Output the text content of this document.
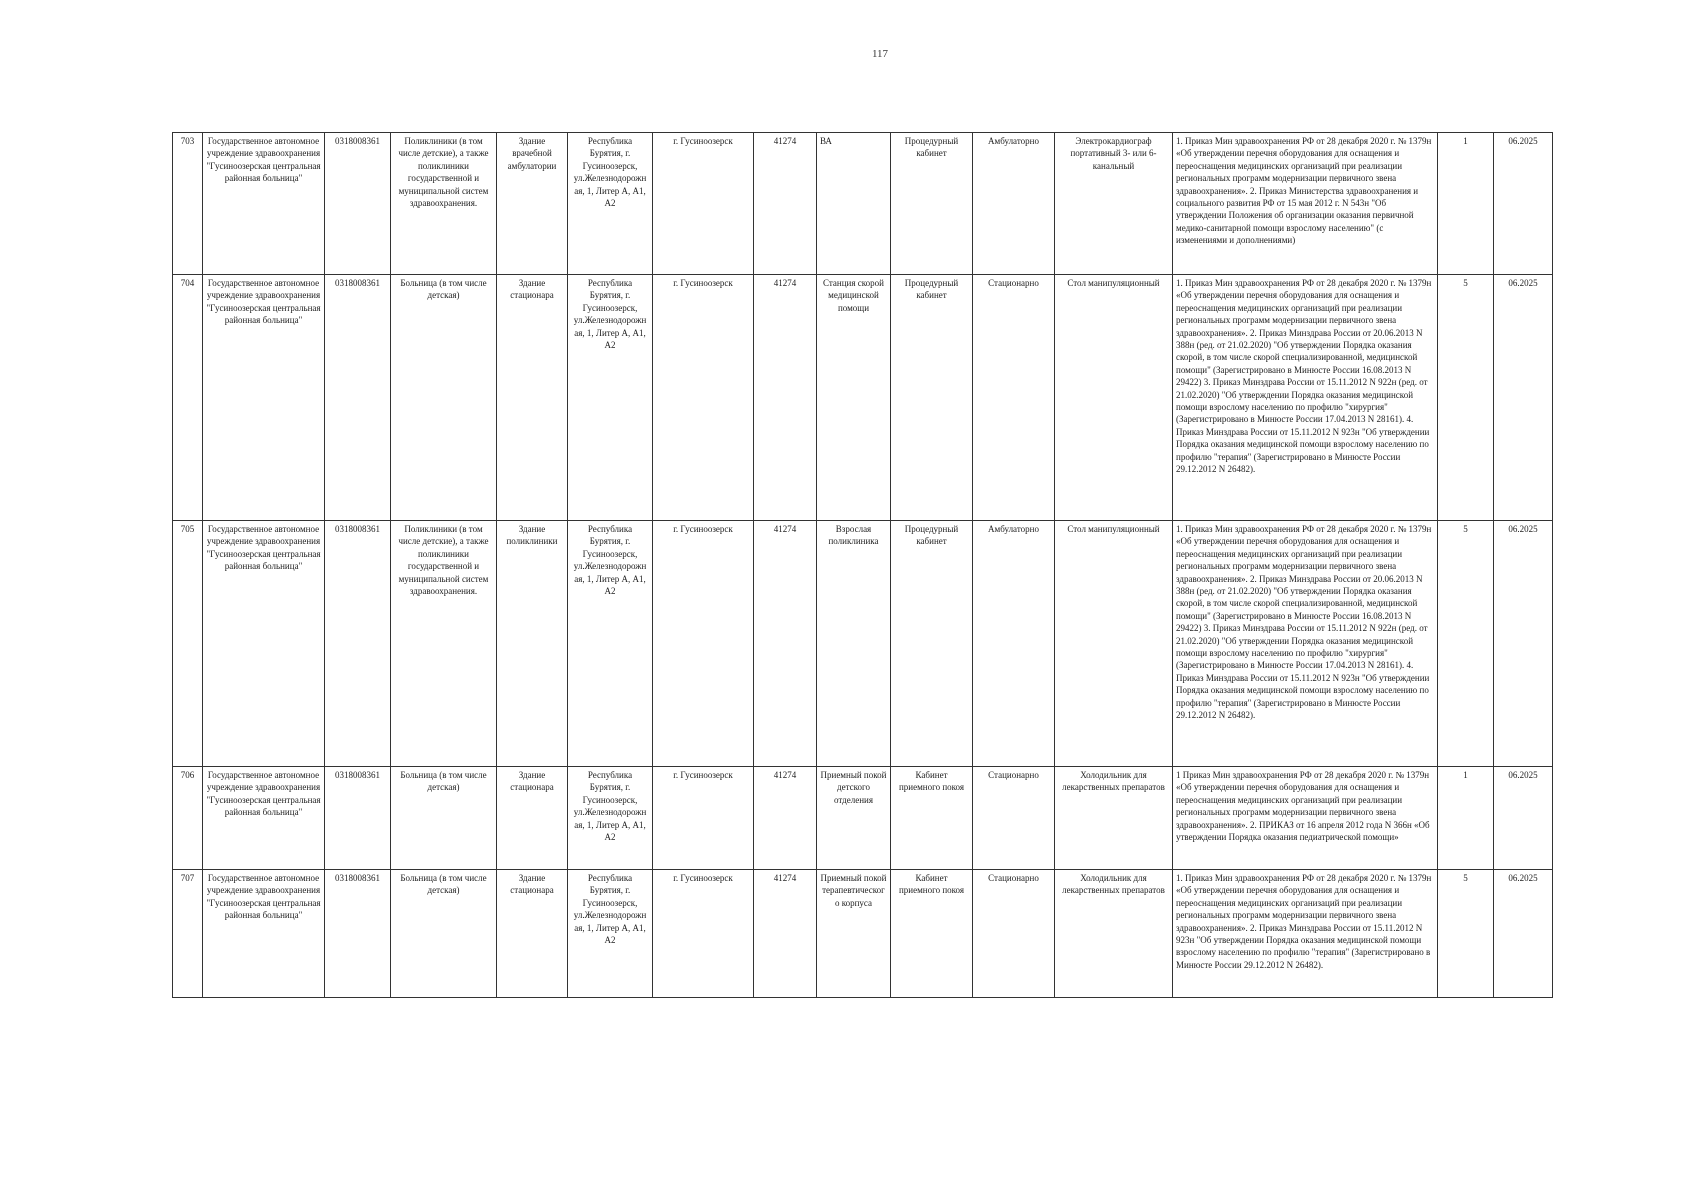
117
703	Государственное автономное учреждение здравоохранения "Гусиноозерская центральная районная больница"	0318008361	Поликлиники (в том числе детские), а также поликлиники государственной и муниципальной систем здравоохранения.	Здание врачебной амбулатории	Республика Бурятия, г. Гусиноозерск, ул.Железнодорожн ая, 1, Литер А, А1, А2	г. Гусиноозерск	41274	ВА	Процедурный кабинет	Амбулаторно	Электрокардиограф портативный 3- или 6-канальный	1. Приказ Мин здравоохранения РФ от 28 декабря 2020 г. № 1379н «Об утверждении перечня оборудования для оснащения и переоснащения медицинских организаций при реализации региональных программ модернизации первичного звена здравоохранения». 2. Приказ Министерства здравоохранения и социального развития РФ от 15 мая 2012 г. N 543н "Об утверждении Положения об организации оказания первичной медико-санитарной помощи взрослому населению" (с изменениями и дополнениями)	1	06.2025
704	Государственное автономное учреждение здравоохранения "Гусиноозерская центральная районная больница"	0318008361	Больница (в том числе детская)	Здание стационара	Республика Бурятия, г. Гусиноозерск, ул.Железнодорожн ая, 1, Литер А, А1, А2	г. Гусиноозерск	41274	Станция скорой медицинской помощи	Процедурный кабинет	Стационарно	Стол манипуляционный	1. Приказ Мин здравоохранения РФ от 28 декабря 2020 г. № 1379н «Об утверждении перечня оборудования для оснащения и переоснащения медицинских организаций при реализации региональных программ модернизации первичного звена здравоохранения». 2. Приказ Минздрава России от 20.06.2013 N 388н (ред. от 21.02.2020) "Об утверждении Порядка оказания скорой, в том числе скорой специализированной, медицинской помощи" (Зарегистрировано в Минюсте России 16.08.2013 N 29422) 3. Приказ Минздрава России от 15.11.2012 N 922н (ред. от 21.02.2020) "Об утверждении Порядка оказания медицинской помощи взрослому населению по профилю "хирургия" (Зарегистрировано в Минюсте России 17.04.2013 N 28161). 4. Приказ Минздрава России от 15.11.2012 N 923н "Об утверждении Порядка оказания медицинской помощи взрослому населению по профилю "терапия" (Зарегистрировано в Минюсте России 29.12.2012 N 26482).	5	06.2025
705	Государственное автономное учреждение здравоохранения "Гусиноозерская центральная районная больница"	0318008361	Поликлиники (в том числе детские), а также поликлиники государственной и муниципальной систем здравоохранения.	Здание поликлиники	Республика Бурятия, г. Гусиноозерск, ул.Железнодорожн ая, 1, Литер А, А1, А2	г. Гусиноозерск	41274	Взрослая поликлиника	Процедурный кабинет	Амбулаторно	Стол манипуляционный	1. Приказ Мин здравоохранения РФ от 28 декабря 2020 г. № 1379н «Об утверждении перечня оборудования для оснащения и переоснащения медицинских организаций при реализации региональных программ модернизации первичного звена здравоохранения». 2. Приказ Минздрава России от 20.06.2013 N 388н (ред. от 21.02.2020) "Об утверждении Порядка оказания скорой, в том числе скорой специализированной, медицинской помощи" (Зарегистрировано в Минюсте России 16.08.2013 N 29422) 3. Приказ Минздрава России от 15.11.2012 N 922н (ред. от 21.02.2020) "Об утверждении Порядка оказания медицинской помощи взрослому населению по профилю "хирургия" (Зарегистрировано в Минюсте России 17.04.2013 N 28161). 4. Приказ Минздрава России от 15.11.2012 N 923н "Об утверждении Порядка оказания медицинской помощи взрослому населению по профилю "терапия" (Зарегистрировано в Минюсте России 29.12.2012 N 26482).	5	06.2025
706	Государственное автономное учреждение здравоохранения "Гусиноозерская центральная районная больница"	0318008361	Больница (в том числе детская)	Здание стационара	Республика Бурятия, г. Гусиноозерск, ул.Железнодорожн ая, 1, Литер А, А1, А2	г. Гусиноозерск	41274	Приемный покой детского отделения	Кабинет приемного покоя	Стационарно	Холодильник для лекарственных препаратов	1 Приказ Мин здравоохранения РФ от 28 декабря 2020 г. № 1379н «Об утверждении перечня оборудования для оснащения и переоснащения медицинских организаций при реализации региональных программ модернизации первичного звена здравоохранения». 2. ПРИКАЗ от 16 апреля 2012 года N 366н «Об утверждении Порядка оказания педиатрической помощи»	1	06.2025
707	Государственное автономное учреждение здравоохранения "Гусиноозерская центральная районная больница"	0318008361	Больница (в том числе детская)	Здание стационара	Республика Бурятия, г. Гусиноозерск, ул.Железнодорожн ая, 1, Литер А, А1, А2	г. Гусиноозерск	41274	Приемный покой терапевтическог о корпуса	Кабинет приемного покоя	Стационарно	Холодильник для лекарственных препаратов	1. Приказ Мин здравоохранения РФ от 28 декабря 2020 г. № 1379н «Об утверждении перечня оборудования для оснащения и переоснащения медицинских организаций при реализации региональных программ модернизации первичного звена здравоохранения». 2. Приказ Минздрава России от 15.11.2012 N 923н "Об утверждении Порядка оказания медицинской помощи взрослому населению по профилю "терапия" (Зарегистрировано в Минюсте России 29.12.2012 N 26482).	5	06.2025
